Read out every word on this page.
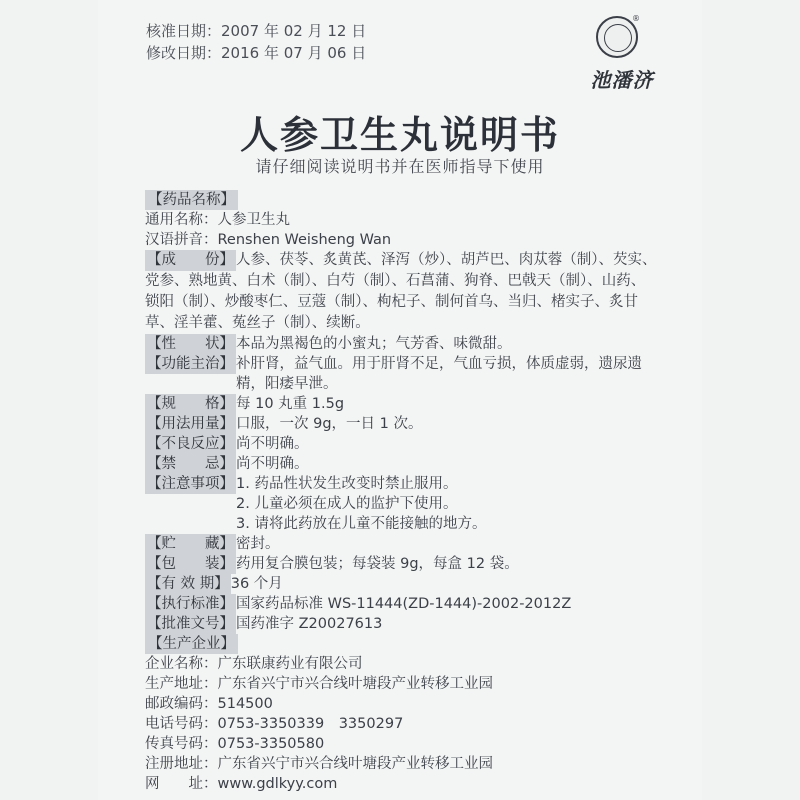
核准日期：2007 年 02 月 12 日
修改日期：2016 年 07 月 06 日
®
池潘济
人参卫生丸说明书
请仔细阅读说明书并在医师指导下使用
【药品名称】
通用名称： 人参卫生丸
汉语拼音： Renshen Weisheng Wan
【成　　份】 人参、茯苓、炙黄芪、泽泻（炒）、胡芦巴、肉苁蓉（制）、芡实、
党参、熟地黄、白术（制）、白芍（制）、石菖蒲、狗脊、巴戟天（制）、山药、
锁阳（制）、炒酸枣仁、豆蔻（制）、枸杞子、制何首乌、当归、楮实子、炙甘
草、淫羊藿、菟丝子（制）、续断。
【性　　状】 本品为黑褐色的小蜜丸；气芳香、味微甜。
【功能主治】 补肝肾，益气血。用于肝肾不足，气血亏损，体质虚弱，遗尿遗
精，阳痿早泄。
【规　　格】 每 10 丸重 1.5g
【用法用量】 口服，一次 9g，一日 1 次。
【不良反应】 尚不明确。
【禁　　忌】 尚不明确。
【注意事项】 1. 药品性状发生改变时禁止服用。
2. 儿童必须在成人的监护下使用。
3. 请将此药放在儿童不能接触的地方。
【贮　　藏】 密封。
【包　　装】 药用复合膜包装；每袋装 9g，每盒 12 袋。
【有 效 期】 36 个月
【执行标准】 国家药品标准 WS-11444(ZD-1444)-2002-2012Z
【批准文号】 国药准字 Z20027613
【生产企业】
企业名称： 广东联康药业有限公司
生产地址： 广东省兴宁市兴合线叶塘段产业转移工业园
邮政编码： 514500
电话号码： 0753-3350339　3350297
传真号码： 0753-3350580
注册地址： 广东省兴宁市兴合线叶塘段产业转移工业园
网　　址： www.gdlkyy.com
